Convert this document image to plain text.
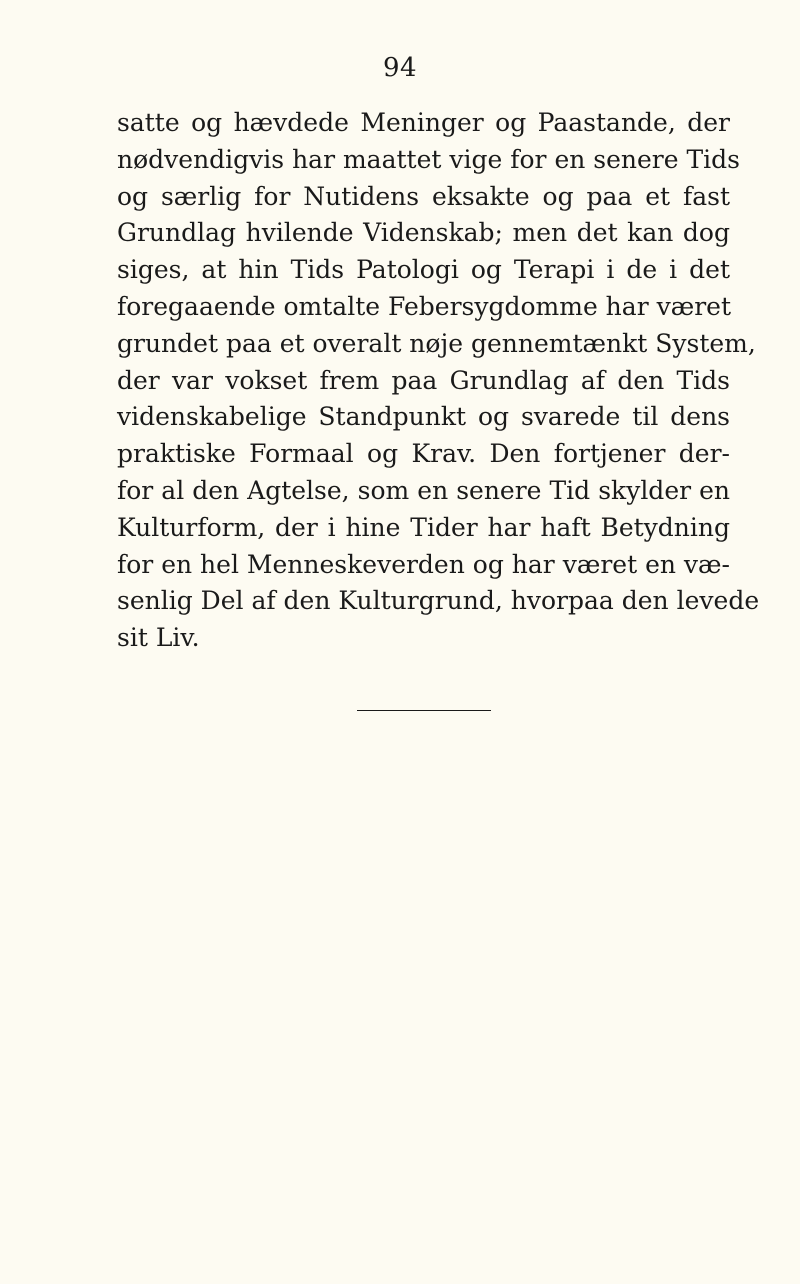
94
satte og hævdede Meninger og Paastande, der
nødvendigvis har maattet vige for en senere Tids
og særlig for Nutidens eksakte og paa et fast
Grundlag hvilende Videnskab; men det kan dog
siges, at hin Tids Patologi og Terapi i de i det
foregaaende omtalte Febersygdomme har været
grundet paa et overalt nøje gennemtænkt System,
der var vokset frem paa Grundlag af den Tids
videnskabelige Standpunkt og svarede til dens
praktiske Formaal og Krav. Den fortjener der-
for al den Agtelse, som en senere Tid skylder en
Kulturform, der i hine Tider har haft Betydning
for en hel Menneskeverden og har været en væ-
senlig Del af den Kulturgrund, hvorpaa den levede
sit Liv.
